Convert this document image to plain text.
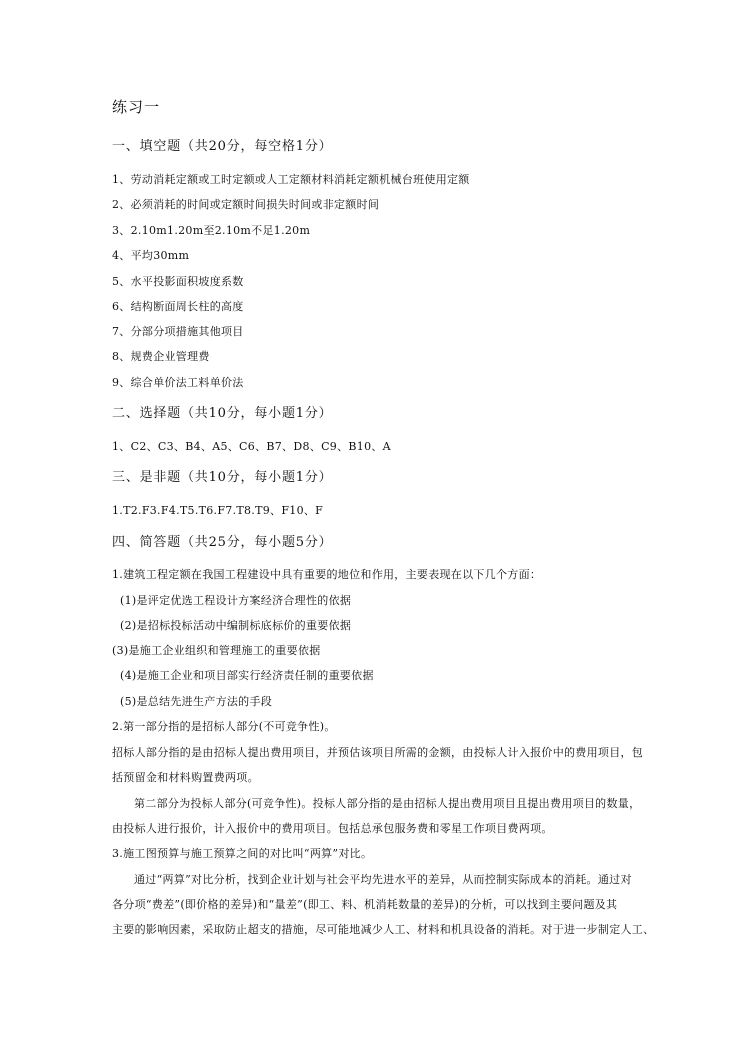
练习一
一、填空题（共20分，每空格1分）
1、劳动消耗定额或工时定额或人工定额材料消耗定额机械台班使用定额
2、必须消耗的时间或定额时间损失时间或非定额时间
3、2.10m1.20m至2.10m不足1.20m
4、平均30mm
5、水平投影面积坡度系数
6、结构断面周长柱的高度
7、分部分项措施其他项目
8、规费企业管理费
9、综合单价法工料单价法
二、选择题（共10分，每小题1分）
1、C2、C3、B4、A5、C6、B7、D8、C9、B10、A
三、是非题（共10分，每小题1分）
1.T2.F3.F4.T5.T6.F7.T8.T9、F10、F
四、简答题（共25分，每小题5分）
1.建筑工程定额在我国工程建设中具有重要的地位和作用，主要表现在以下几个方面：
(1)是评定优选工程设计方案经济合理性的依据
(2)是招标投标活动中编制标底标价的重要依据
(3)是施工企业组织和管理施工的重要依据
(4)是施工企业和项目部实行经济责任制的重要依据
(5)是总结先进生产方法的手段
2.第一部分指的是招标人部分(不可竞争性)。
招标人部分指的是由招标人提出费用项目，并预估该项目所需的金额，由投标人计入报价中的费用项目，包
括预留金和材料购置费两项。
第二部分为投标人部分(可竞争性)。投标人部分指的是由招标人提出费用项目且提出费用项目的数量，
由投标人进行报价，计入报价中的费用项目。包括总承包服务费和零星工作项目费两项。
3.施工图预算与施工预算之间的对比叫“两算”对比。
通过“两算”对比分析，找到企业计划与社会平均先进水平的差异，从而控制实际成本的消耗。通过对
各分项“费差”(即价格的差异)和“量差”(即工、料、机消耗数量的差异)的分析，可以找到主要问题及其
主要的影响因素，采取防止超支的措施，尽可能地减少人工、材料和机具设备的消耗。对于进一步制定人工、
